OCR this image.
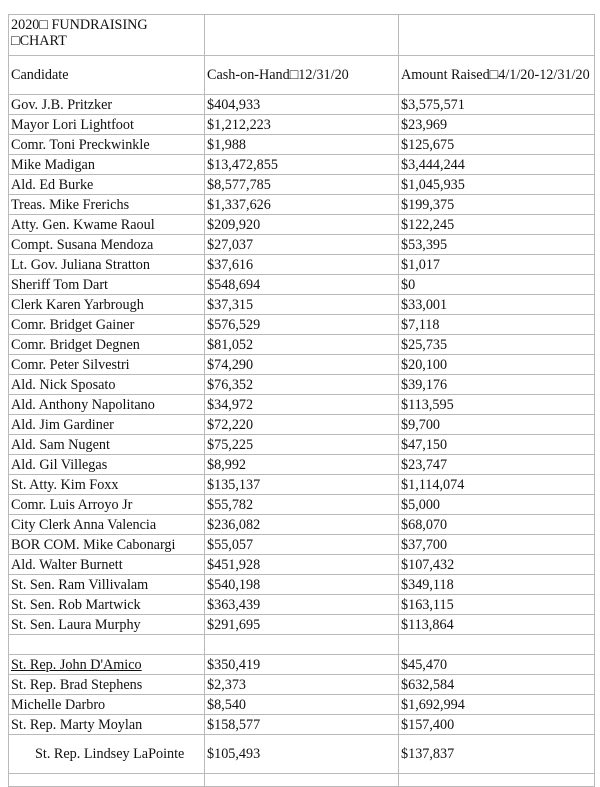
2020□ FUNDRAISING
□CHART		

Candidate	Cash-on-Hand□12/31/20	Amount Raised□4/1/20-12/31/20
Gov. J.B. Pritzker	$404,933	$3,575,571
Mayor Lori Lightfoot	$1,212,223	$23,969
Comr. Toni Preckwinkle	$1,988	$125,675
Mike Madigan	$13,472,855	$3,444,244
Ald. Ed Burke	$8,577,785	$1,045,935
Treas. Mike Frerichs	$1,337,626	$199,375
Atty. Gen. Kwame Raoul	$209,920	$122,245
Compt. Susana Mendoza	$27,037	$53,395
Lt. Gov. Juliana Stratton	$37,616	$1,017
Sheriff Tom Dart	$548,694	$0
Clerk Karen Yarbrough	$37,315	$33,001
Comr. Bridget Gainer	$576,529	$7,118
Comr. Bridget Degnen	$81,052	$25,735
Comr. Peter Silvestri	$74,290	$20,100
Ald. Nick Sposato	$76,352	$39,176
Ald. Anthony Napolitano	$34,972	$113,595
Ald. Jim Gardiner	$72,220	$9,700
Ald. Sam Nugent	$75,225	$47,150
Ald. Gil Villegas	$8,992	$23,747
St. Atty. Kim Foxx	$135,137	$1,114,074
Comr. Luis Arroyo Jr	$55,782	$5,000
City Clerk Anna Valencia	$236,082	$68,070
BOR COM. Mike Cabonargi	$55,057	$37,700
Ald. Walter Burnett	$451,928	$107,432
St. Sen. Ram Villivalam	$540,198	$349,118
St. Sen. Rob Martwick	$363,439	$163,115
St. Sen. Laura Murphy	$291,695	$113,864

St. Rep. John D'Amico	$350,419	$45,470
St. Rep. Brad Stephens	$2,373	$632,584
Michelle Darbro	$8,540	$1,692,994
St. Rep. Marty Moylan	$158,577	$157,400

St. Rep. Lindsey LaPointe	$105,493	$137,837
